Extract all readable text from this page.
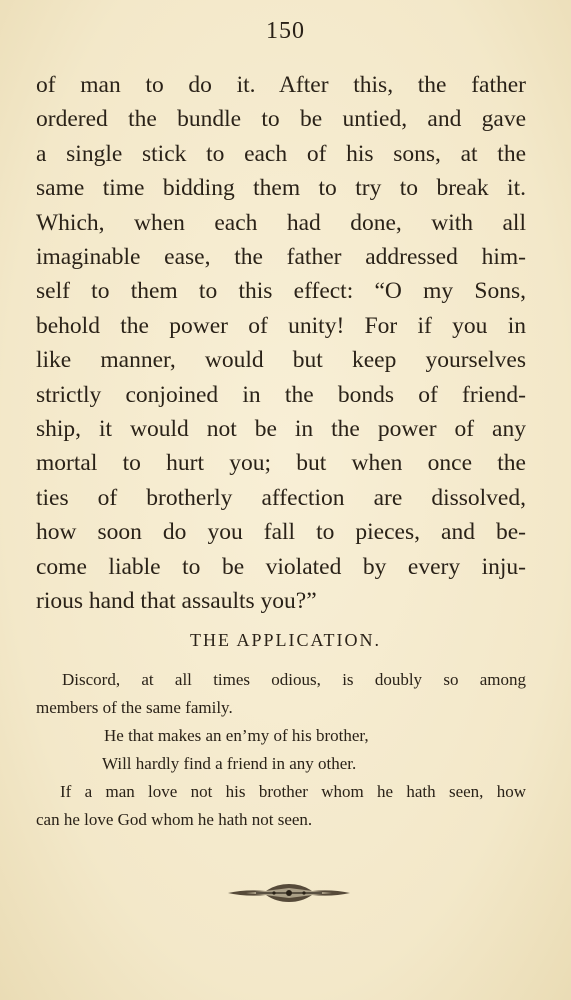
150
of man to do it. After this, the father
ordered the bundle to be untied, and gave
a single stick to each of his sons, at the
same time bidding them to try to break it.
Which, when each had done, with all
imaginable ease, the father addressed him-
self to them to this effect: “O my Sons,
behold the power of unity! For if you in
like manner, would but keep yourselves
strictly conjoined in the bonds of friend-
ship, it would not be in the power of any
mortal to hurt you; but when once the
ties of brotherly affection are dissolved,
how soon do you fall to pieces, and be-
come liable to be violated by every inju-
rious hand that assaults you?”
THE APPLICATION.
Discord, at all times odious, is doubly so among
members of the same family.
He that makes an en’my of his brother,
Will hardly find a friend in any other.
If a man love not his brother whom he hath seen, how
can he love God whom he hath not seen.
